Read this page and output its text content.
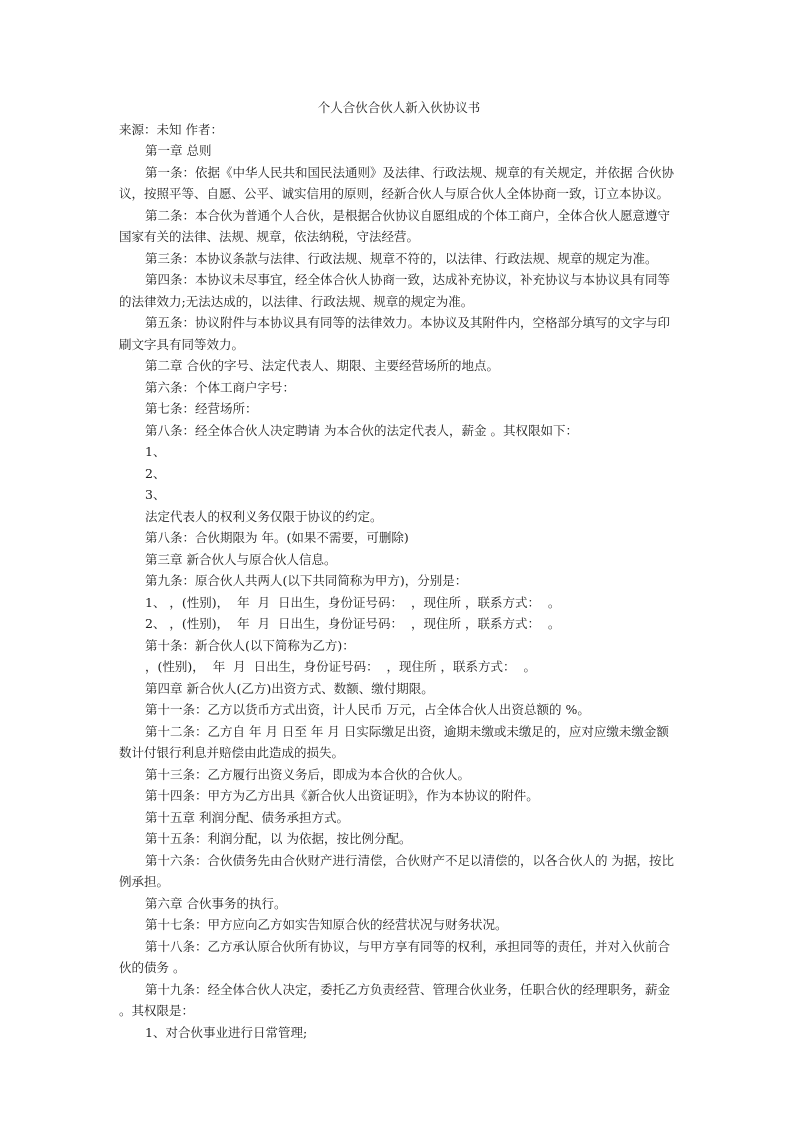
个人合伙合伙人新入伙协议书
来源：未知 作者：
第一章 总则
第一条：依据《中华人民共和国民法通则》及法律、行政法规、规章的有关规定，并依据 合伙协议，按照平等、自愿、公平、诚实信用的原则，经新合伙人与原合伙人全体协商一致，订立本协议。
第二条：本合伙为普通个人合伙，是根据合伙协议自愿组成的个体工商户，全体合伙人愿意遵守国家有关的法律、法规、规章，依法纳税，守法经营。
第三条：本协议条款与法律、行政法规、规章不符的，以法律、行政法规、规章的规定为准。
第四条：本协议未尽事宜，经全体合伙人协商一致，达成补充协议，补充协议与本协议具有同等的法律效力;无法达成的，以法律、行政法规、规章的规定为准。
第五条：协议附件与本协议具有同等的法律效力。本协议及其附件内，空格部分填写的文字与印刷文字具有同等效力。
第二章 合伙的字号、法定代表人、期限、主要经营场所的地点。
第六条：个体工商户字号：
第七条：经营场所：
第八条：经全体合伙人决定聘请 为本合伙的法定代表人，薪金 。其权限如下：
1、
2、
3、
法定代表人的权利义务仅限于协议的约定。
第八条：合伙期限为 年。(如果不需要，可删除)
第三章 新合伙人与原合伙人信息。
第九条：原合伙人共两人(以下共同简称为甲方)，分别是：
1、 ，(性别)，  年  月  日出生，身份证号码：  ，现住所 ，联系方式：  。
2、 ，(性别)，  年  月  日出生，身份证号码：  ，现住所 ，联系方式：  。
第十条：新合伙人(以下简称为乙方)：
，(性别)，  年  月  日出生，身份证号码：  ，现住所 ，联系方式：  。
第四章 新合伙人(乙方)出资方式、数额、缴付期限。
第十一条：乙方以货币方式出资，计人民币 万元，占全体合伙人出资总额的 %。
第十二条：乙方自 年 月 日至 年 月 日实际缴足出资，逾期未缴或未缴足的，应对应缴未缴金额数计付银行利息并赔偿由此造成的损失。
第十三条：乙方履行出资义务后，即成为本合伙的合伙人。
第十四条：甲方为乙方出具《新合伙人出资证明》，作为本协议的附件。
第十五章 利润分配、债务承担方式。
第十五条：利润分配，以 为依据，按比例分配。
第十六条：合伙债务先由合伙财产进行清偿，合伙财产不足以清偿的，以各合伙人的 为据，按比例承担。
第六章 合伙事务的执行。
第十七条：甲方应向乙方如实告知原合伙的经营状况与财务状况。
第十八条：乙方承认原合伙所有协议，与甲方享有同等的权利，承担同等的责任，并对入伙前合伙的债务 。
第十九条：经全体合伙人决定，委托乙方负责经营、管理合伙业务，任职合伙的经理职务，薪金 。其权限是：
1、对合伙事业进行日常管理;
